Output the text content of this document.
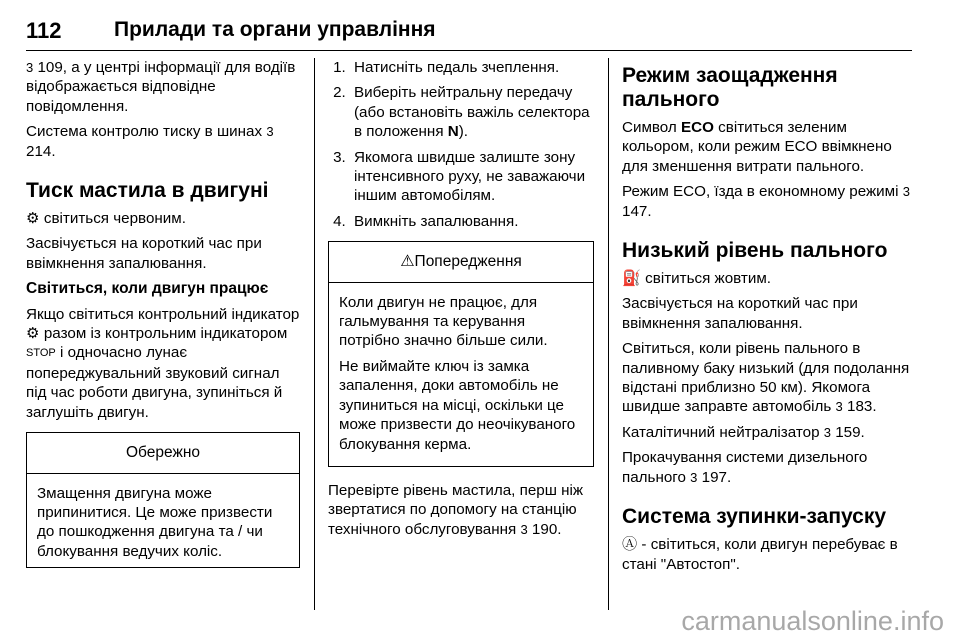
112	Прилади та органи управління

3 109, а у центрі інформації для водіїв відображається відповідне повідомлення.

Система контролю тиску в шинах 3 214.

Тиск мастила в двигуні

⚙ світиться червоним.

Засвічується на короткий час при ввімкнення запалювання.

Світиться, коли двигун працює

Якщо світиться контрольний індикатор ⚙ разом із контрольним індикатором STOP і одночасно лунає попереджувальний звуковий сигнал під час роботи двигуна, зупиніться й заглушіть двигун.

Обережно
Змащення двигуна може припинитися. Це може призвести до пошкодження двигуна та / чи блокування ведучих коліс.
1. Натисніть педаль зчеплення.
2. Виберіть нейтральну передачу (або встановіть важіль селектора в положення N).
3. Якомога швидше залиште зону інтенсивного руху, не заважаючи іншим автомобілям.
4. Вимкніть запалювання.
⚠Попередження

Коли двигун не працює, для гальмування та керування потрібно значно більше сили.

Не виймайте ключ із замка запалення, доки автомобіль не зупиниться на місці, оскільки це може призвести до неочікуваного блокування керма.

Перевірте рівень мастила, перш ніж звертатися по допомогу на станцію технічного обслуговування 3 190.

Режим заощадження пального

Символ ECO світиться зеленим кольором, коли режим ECO ввімкнено для зменшення витрати пального.

Режим ECO, їзда в економному режимі 3 147.

Низький рівень пального

⛽ світиться жовтим.

Засвічується на короткий час при ввімкнення запалювання.

Світиться, коли рівень пального в паливному баку низький (для подолання відстані приблизно 50 км). Якомога швидше заправте автомобіль 3 183.

Каталітичний нейтралізатор 3 159.

Прокачування системи дизельного пального 3 197.

Система зупинки-запуску

Ⓐ - світиться, коли двигун перебуває в стані "Автостоп".

carmanualsonline.info
